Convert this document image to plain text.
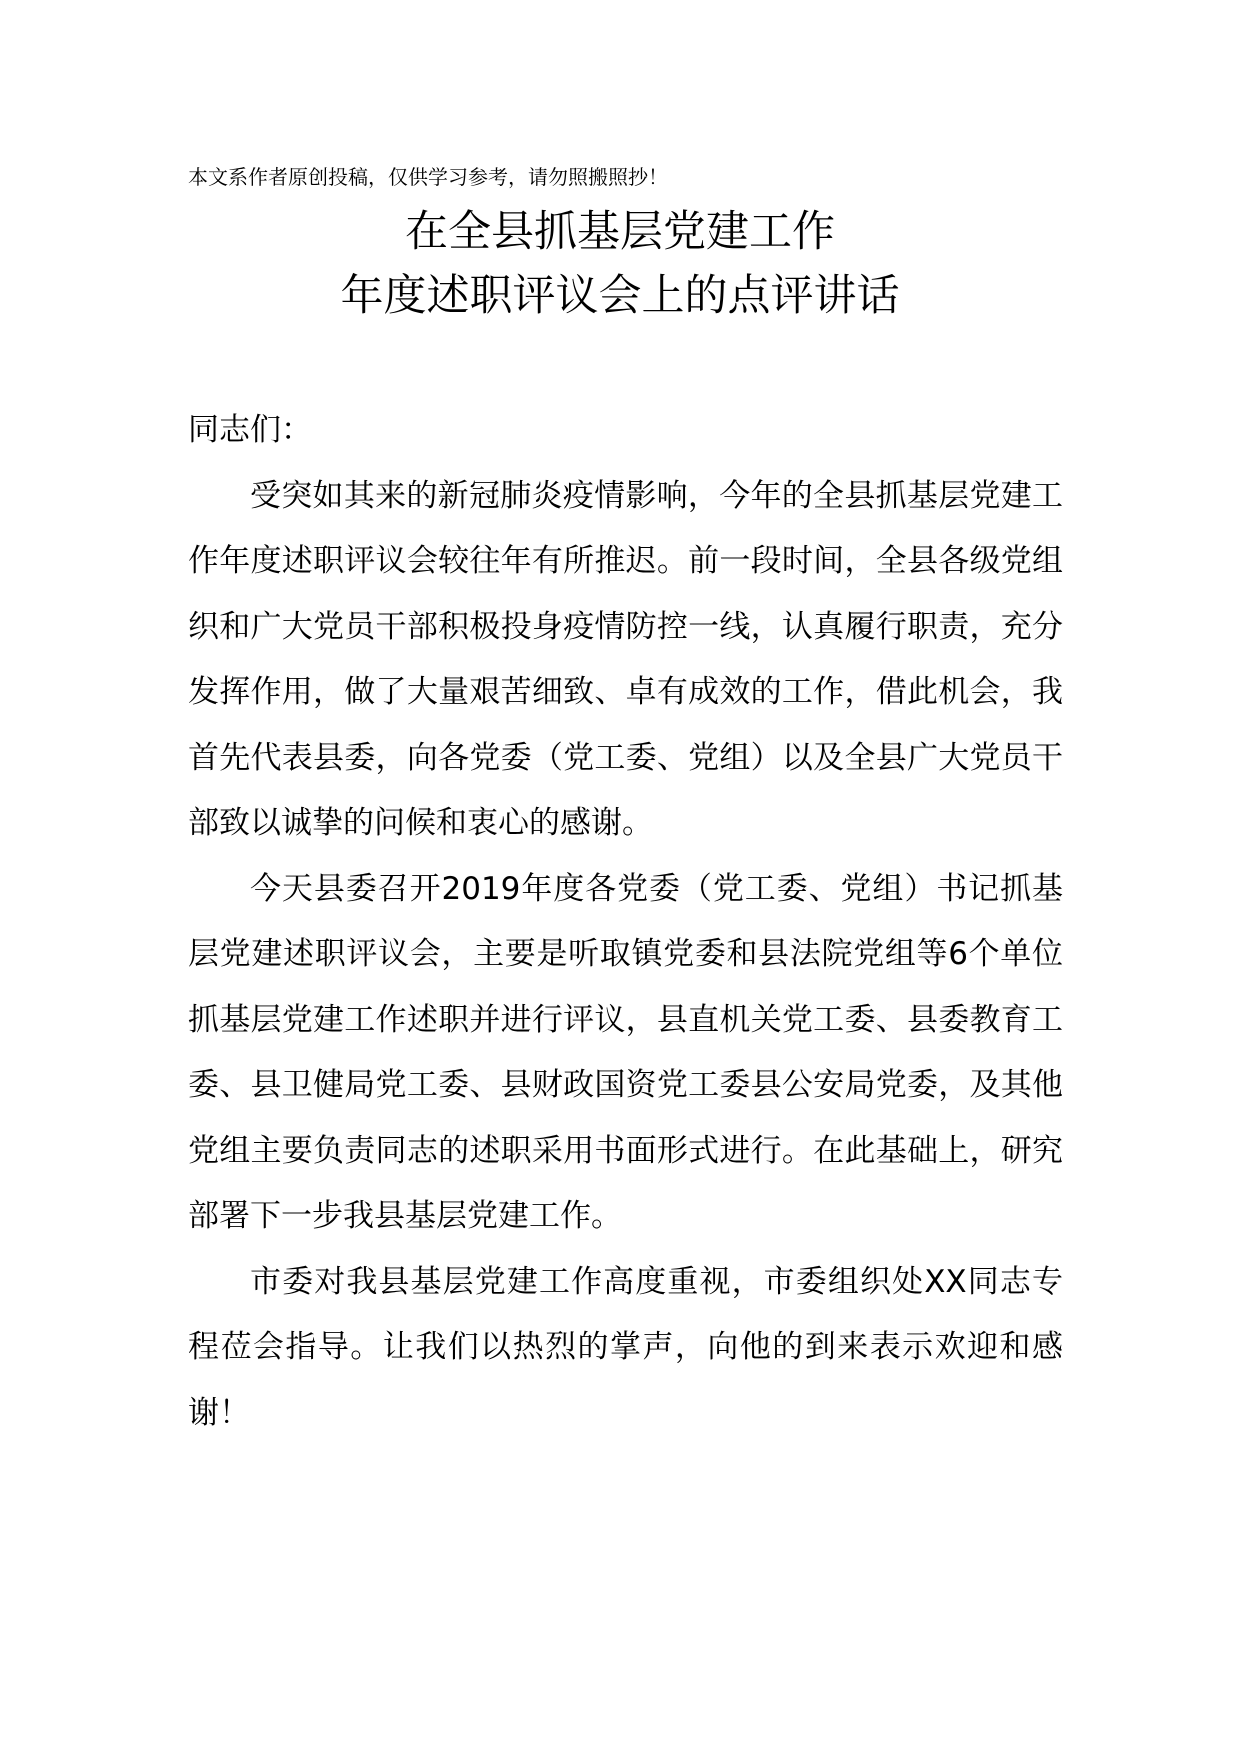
本文系作者原创投稿，仅供学习参考，请勿照搬照抄！
在全县抓基层党建工作
年度述职评议会上的点评讲话

同志们：

受突如其来的新冠肺炎疫情影响，今年的全县抓基层党建工作年度述职评议会较往年有所推迟。前一段时间，全县各级党组织和广大党员干部积极投身疫情防控一线，认真履行职责，充分发挥作用，做了大量艰苦细致、卓有成效的工作，借此机会，我首先代表县委，向各党委（党工委、党组）以及全县广大党员干部致以诚挚的问候和衷心的感谢。

今天县委召开2019年度各党委（党工委、党组）书记抓基层党建述职评议会，主要是听取镇党委和县法院党组等6个单位抓基层党建工作述职并进行评议，县直机关党工委、县委教育工委、县卫健局党工委、县财政国资党工委县公安局党委，及其他党组主要负责同志的述职采用书面形式进行。在此基础上，研究部署下一步我县基层党建工作。

市委对我县基层党建工作高度重视，市委组织处XX同志专程莅会指导。让我们以热烈的掌声，向他的到来表示欢迎和感谢！
